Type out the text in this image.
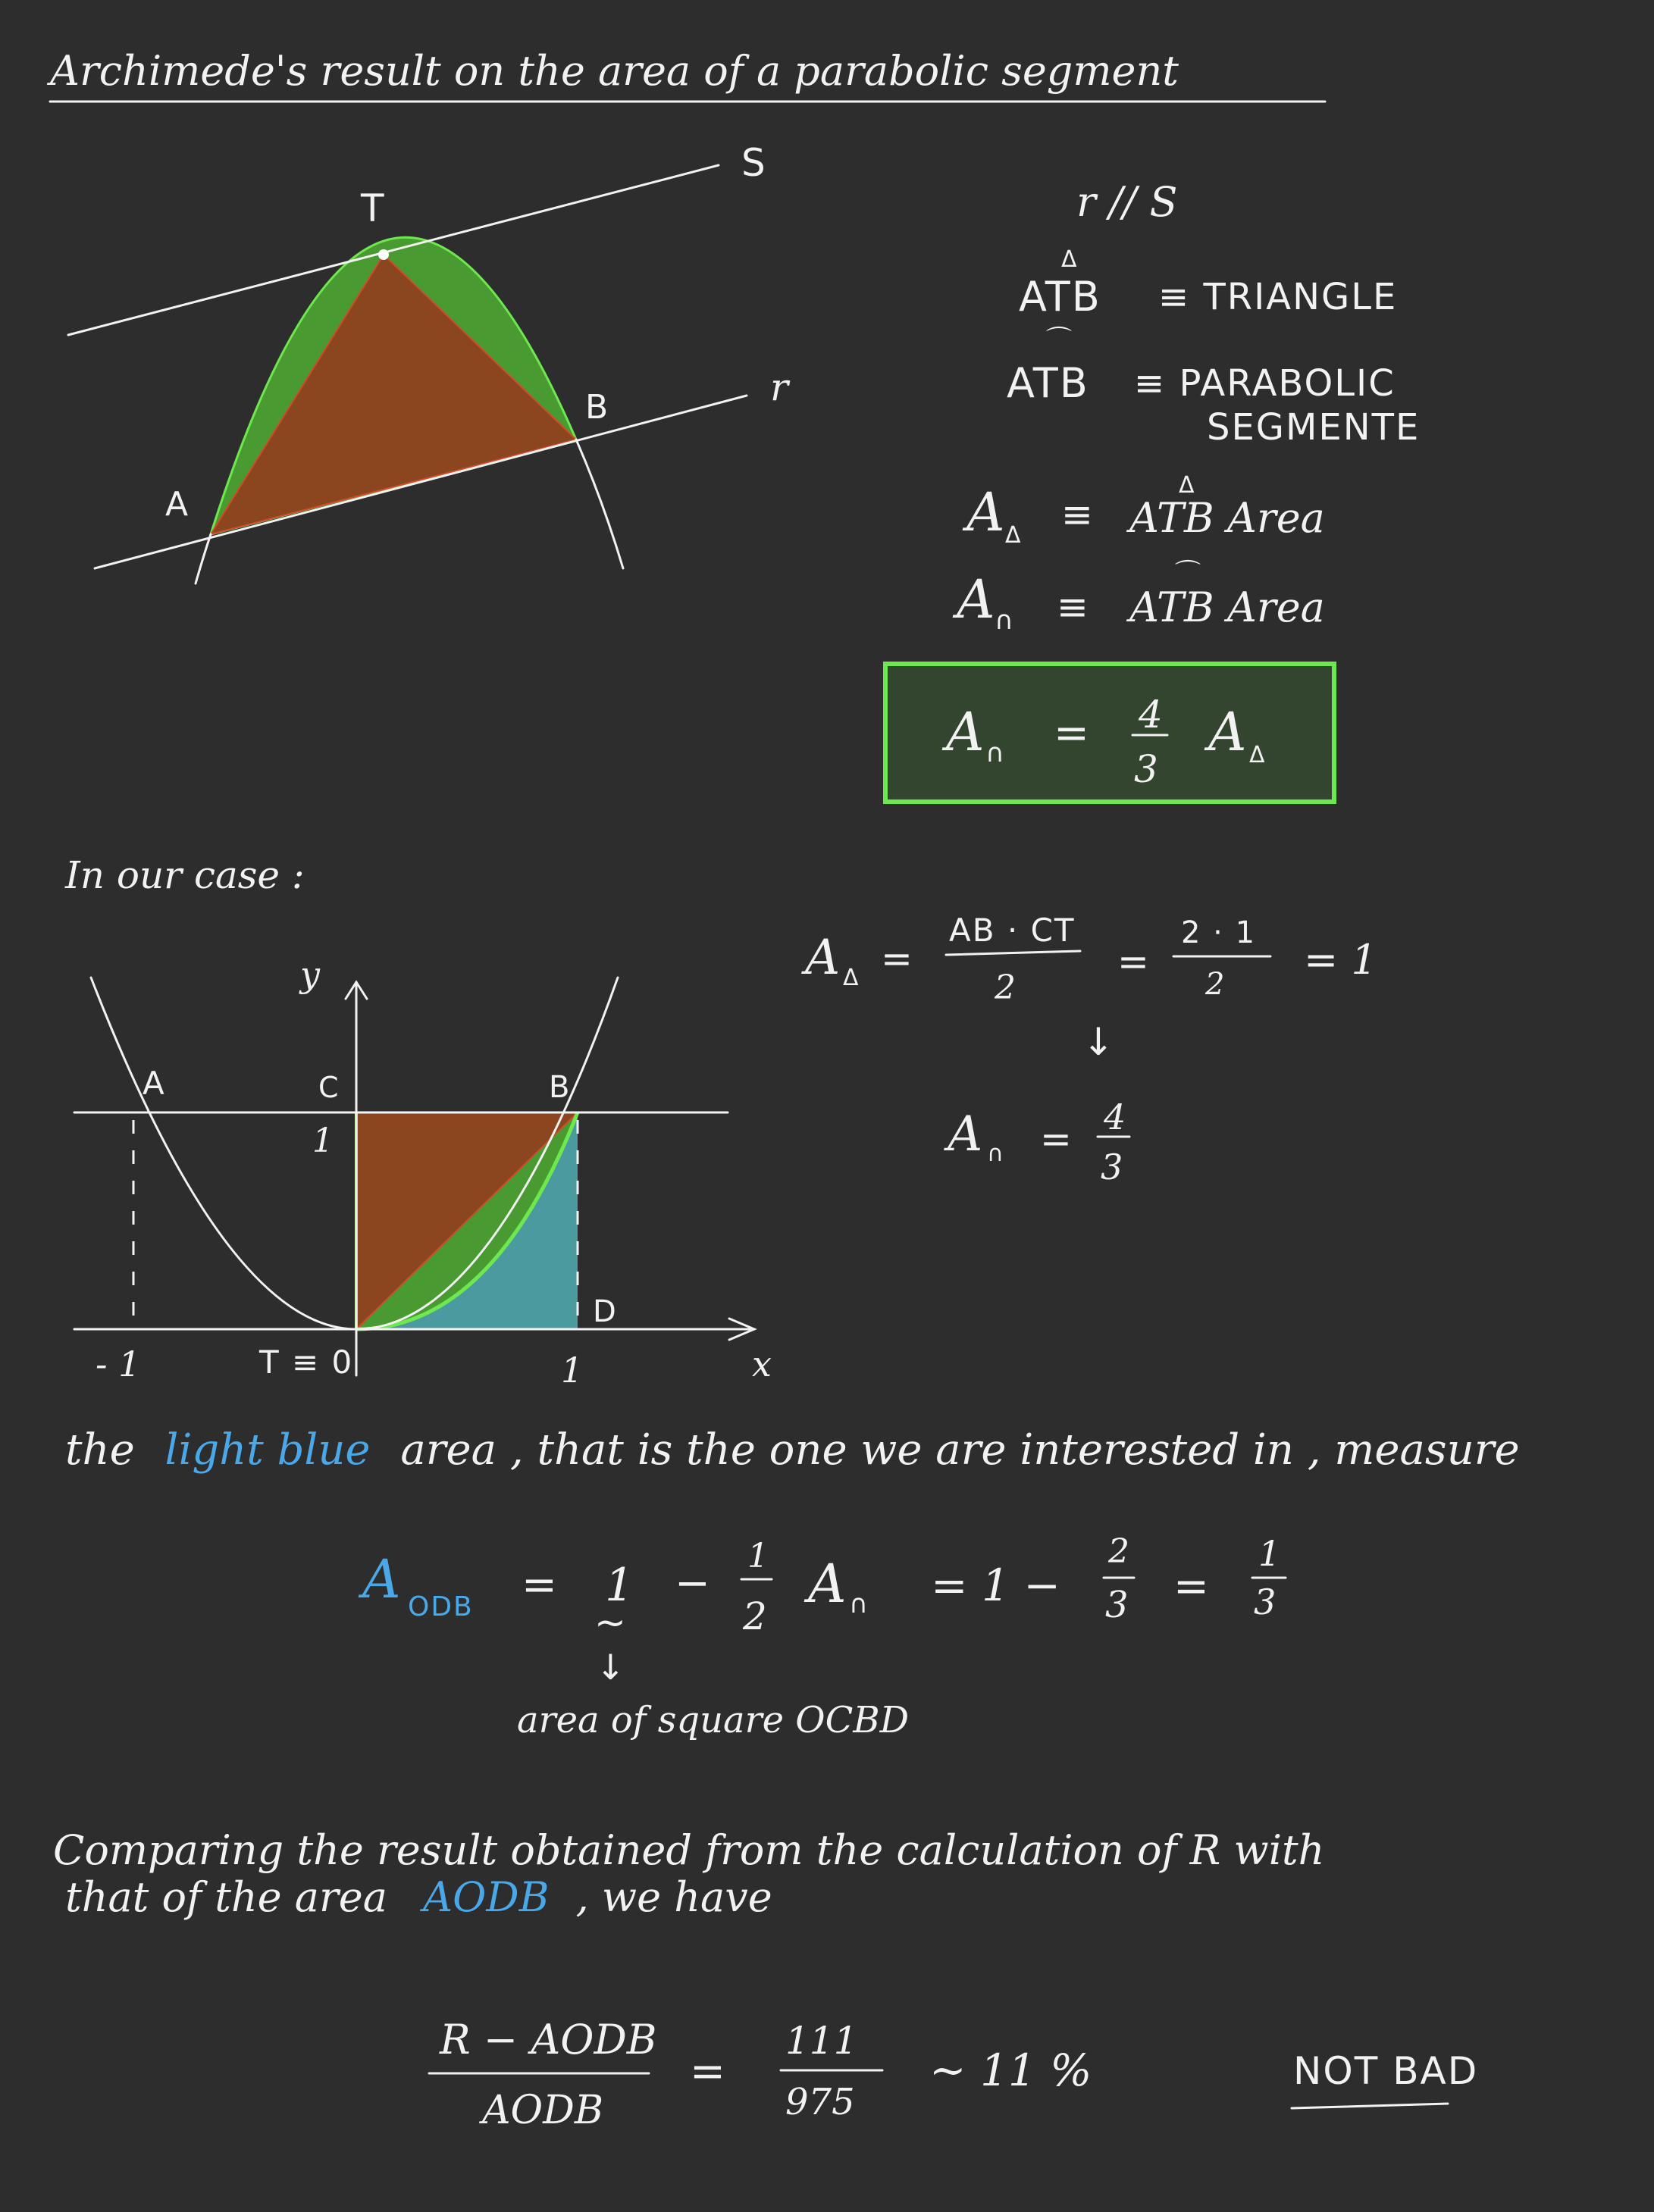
Archimede's result on the area of a parabolic segment
T
S
B	r
A
r // S
Δ
ATB ≡ TRIANGLE
⌒
ATB ≡ PARABOLIC
SEGMENTE
A Δ ≡
Δ
ATB Area
A ∩ ≡
⌒
ATB Area
A ∩ = 4
3
A Δ
In our case :
y
x
A	C	B
1
D
- 1	T ≡ 0	1
A Δ =
AB · CT
2
=
2 · 1
2
= 1
↓
A ∩ = 4
3
the light blue area , that is the one we are interested in , measure
A ODB = 1 −
1
2
A ∩ = 1 −
2
3 =
1
3
~
↓
area of square OCBD
Comparing the result obtained from the calculation of R with
that of the area AODB , we have
R − AODB
AODB
=
111
975
~ 11 %	NOT BAD
